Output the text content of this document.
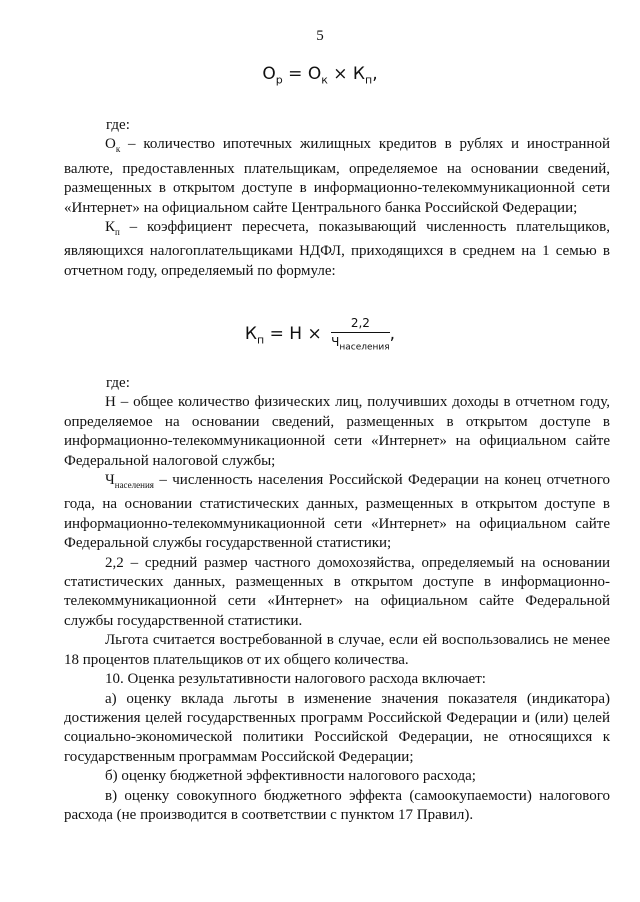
5
$О_р = О_к \times К_п$,

где:

$О_к$ – количество ипотечных жилищных кредитов в рублях и иностранной валюте, предоставленных плательщикам, определяемое на основании сведений, размещенных в открытом доступе в информационно-телекоммуникационной сети «Интернет» на официальном сайте Центрального банка Российской Федерации;

$К_п$ – коэффициент пересчета, показывающий численность плательщиков, являющихся налогоплательщиками НДФЛ, приходящихся в среднем на 1 семью в отчетном году, определяемый по формуле:

$К_п = Н \times \frac{2,2}{Ч_{населения}}$ ,

где:

Н – общее количество физических лиц, получивших доходы в отчетном году, определяемое на основании сведений, размещенных в открытом доступе в информационно-телекоммуникационной сети «Интернет» на официальном сайте Федеральной налоговой службы;

$Ч_{населения}$ – численность населения Российской Федерации на конец отчетного года, на основании статистических данных, размещенных в открытом доступе в информационно-телекоммуникационной сети «Интернет» на официальном сайте Федеральной службы государственной статистики;

2,2 – средний размер частного домохозяйства, определяемый на основании статистических данных, размещенных в открытом доступе в информационно-телекоммуникационной сети «Интернет» на официальном сайте Федеральной службы государственной статистики.

Льгота считается востребованной в случае, если ей воспользовались не менее 18 процентов плательщиков от их общего количества.

10. Оценка результативности налогового расхода включает:

а) оценку вклада льготы в изменение значения показателя (индикатора) достижения целей государственных программ Российской Федерации и (или) целей социально-экономической политики Российской Федерации, не относящихся к государственным программам Российской Федерации;

б) оценку бюджетной эффективности налогового расхода;

в) оценку совокупного бюджетного эффекта (самоокупаемости) налогового расхода (не производится в соответствии с пунктом 17 Правил).
